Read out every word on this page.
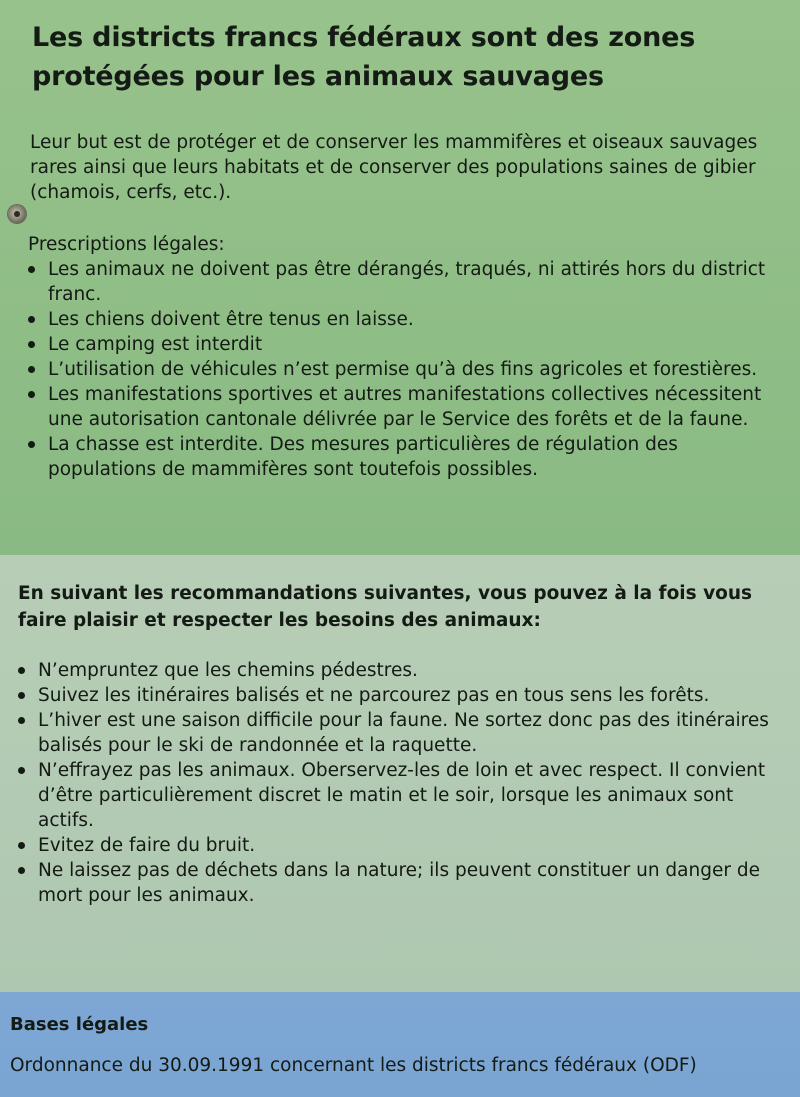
Les districts francs fédéraux sont des zones protégées pour les animaux sauvages
Leur but est de protéger et de conserver les mammifères et oiseaux sauvages rares ainsi que leurs habitats et de conserver des populations saines de gibier (chamois, cerfs, etc.).
Prescriptions légales:
Les animaux ne doivent pas être dérangés, traqués, ni attirés hors du district franc.
Les chiens doivent être tenus en laisse.
Le camping est interdit
L’utilisation de véhicules n’est permise qu’à des fins agricoles et forestières.
Les manifestations sportives et autres manifestations collectives nécessitent une autorisation cantonale délivrée par le Service des forêts et de la faune.
La chasse est interdite. Des mesures particulières de régulation des populations de mammifères sont toutefois possibles.
En suivant les recommandations suivantes, vous pouvez à la fois vous faire plaisir et respecter les besoins des animaux:
N’empruntez que les chemins pédestres.
Suivez les itinéraires balisés et ne parcourez pas en tous sens les forêts.
L’hiver est une saison difficile pour la faune. Ne sortez donc pas des itinéraires balisés pour le ski de randonnée et la raquette.
N’effrayez pas les animaux. Oberservez-les de loin et avec respect. Il convient d’être particulièrement discret le matin et le soir, lorsque les animaux sont actifs.
Evitez de faire du bruit.
Ne laissez pas de déchets dans la nature; ils peuvent constituer un danger de mort pour les animaux.
Bases légales
Ordonnance du 30.09.1991 concernant les districts francs fédéraux (ODF)
